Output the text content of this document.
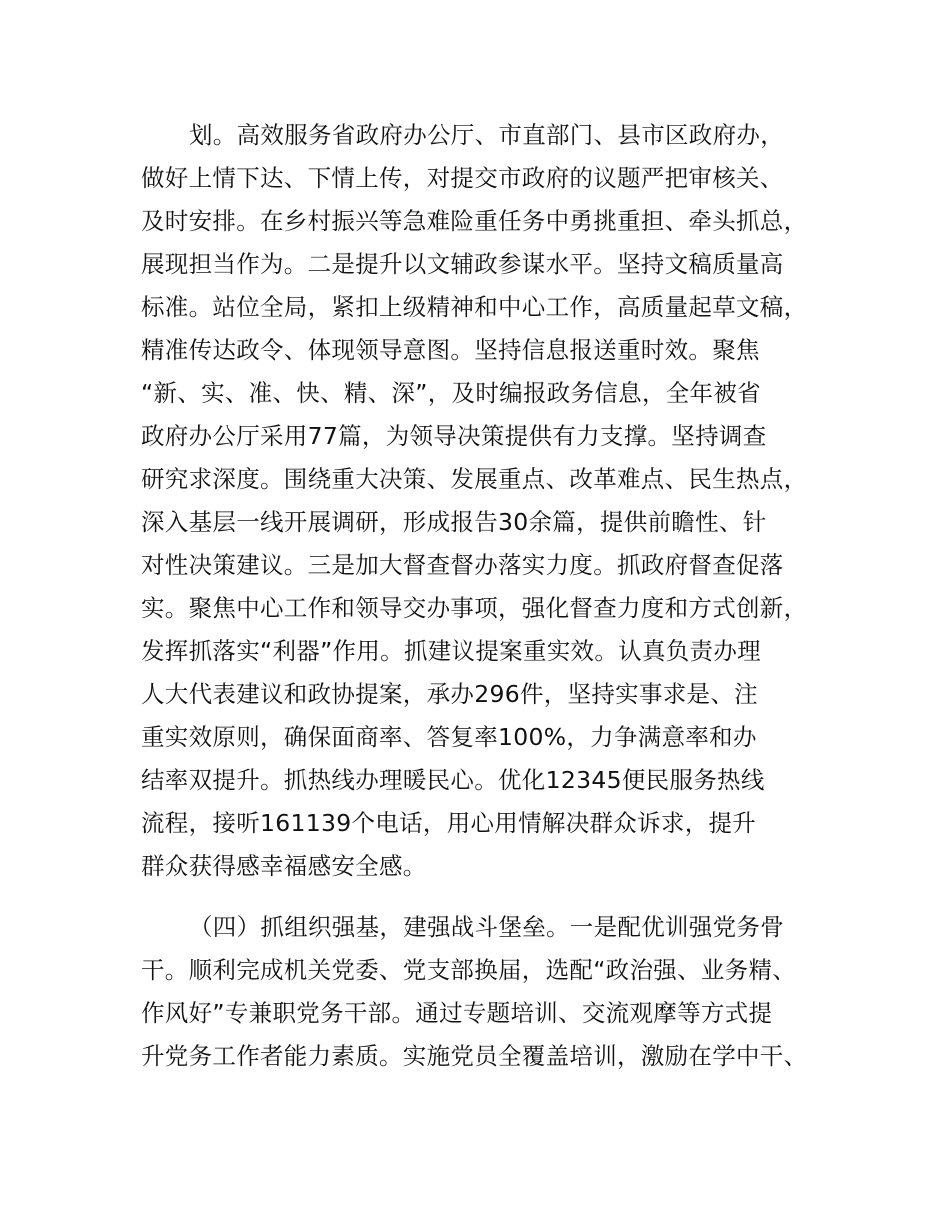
划。高效服务省政府办公厅、市直部门、县市区政府办，
做好上情下达、下情上传，对提交市政府的议题严把审核关、
及时安排。在乡村振兴等急难险重任务中勇挑重担、牵头抓总，
展现担当作为。二是提升以文辅政参谋水平。坚持文稿质量高
标准。站位全局，紧扣上级精神和中心工作，高质量起草文稿，
精准传达政令、体现领导意图。坚持信息报送重时效。聚焦
“新、实、准、快、精、深”，及时编报政务信息，全年被省
政府办公厅采用77篇，为领导决策提供有力支撑。坚持调查
研究求深度。围绕重大决策、发展重点、改革难点、民生热点，
深入基层一线开展调研，形成报告30余篇，提供前瞻性、针
对性决策建议。三是加大督查督办落实力度。抓政府督查促落
实。聚焦中心工作和领导交办事项，强化督查力度和方式创新，
发挥抓落实“利器”作用。抓建议提案重实效。认真负责办理
人大代表建议和政协提案，承办296件，坚持实事求是、注
重实效原则，确保面商率、答复率100%，力争满意率和办
结率双提升。抓热线办理暖民心。优化12345便民服务热线
流程，接听161139个电话，用心用情解决群众诉求，提升
群众获得感幸福感安全感。
（四）抓组织强基，建强战斗堡垒。一是配优训强党务骨
干。顺利完成机关党委、党支部换届，选配“政治强、业务精、
作风好”专兼职党务干部。通过专题培训、交流观摩等方式提
升党务工作者能力素质。实施党员全覆盖培训，激励在学中干、
